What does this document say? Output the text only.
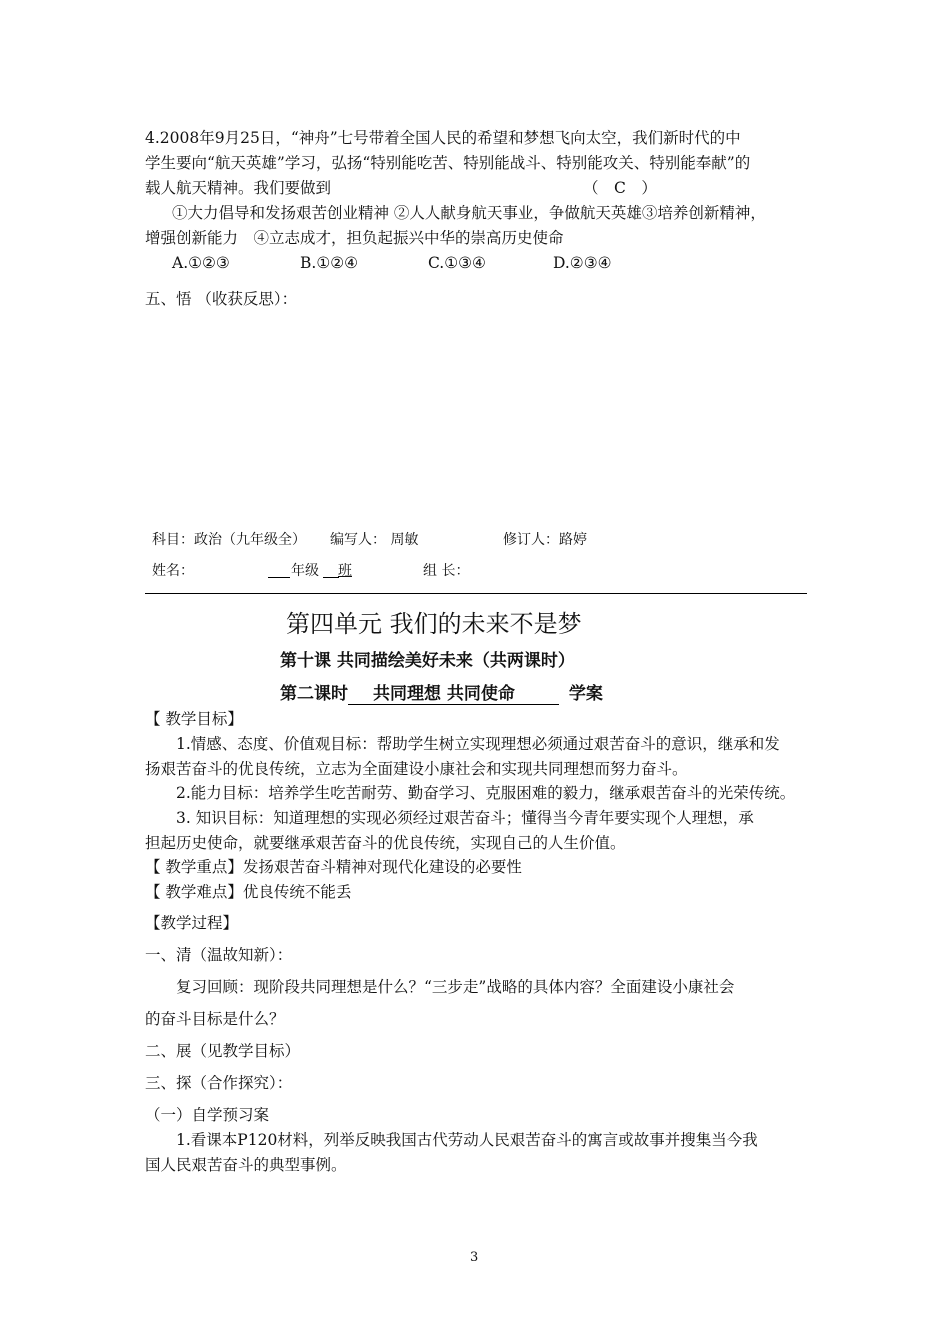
4.2008年9月25日，“神舟”七号带着全国人民的希望和梦想飞向太空，我们新时代的中
学生要向“航天英雄”学习，弘扬“特别能吃苦、特别能战斗、特别能攻关、特别能奉献”的
载人航天精神。我们要做到	（　C　）
①大力倡导和发扬艰苦创业精神 ②人人献身航天事业，争做航天英雄③培养创新精神，
增强创新能力　④立志成才，担负起振兴中华的崇高历史使命
A.①②③	B.①②④	C.①③④	D.②③④
五、悟 （收获反思）：
科目：政治（九年级全） 编写人： 周敏	修订人：路婷
姓名：	年级 班	组 长：
第四单元 我们的未来不是梦
第十课 共同描绘美好未来（共两课时）
第二课时 共同理想 共同使命	学案
【 教学目标】
1.情感、态度、价值观目标：帮助学生树立实现理想必须通过艰苦奋斗的意识，继承和发
扬艰苦奋斗的优良传统，立志为全面建设小康社会和实现共同理想而努力奋斗。
2.能力目标：培养学生吃苦耐劳、勤奋学习、克服困难的毅力，继承艰苦奋斗的光荣传统。
3. 知识目标：知道理想的实现必须经过艰苦奋斗；懂得当今青年要实现个人理想，承
担起历史使命，就要继承艰苦奋斗的优良传统，实现自己的人生价值。
【 教学重点】发扬艰苦奋斗精神对现代化建设的必要性
【 教学难点】优良传统不能丢
【教学过程】
一、清（温故知新）：
复习回顾：现阶段共同理想是什么？“三步走”战略的具体内容？全面建设小康社会
的奋斗目标是什么？
二、展（见教学目标）
三、探（合作探究）：
（一）自学预习案
1.看课本P120材料，列举反映我国古代劳动人民艰苦奋斗的寓言或故事并搜集当今我
国人民艰苦奋斗的典型事例。
3
